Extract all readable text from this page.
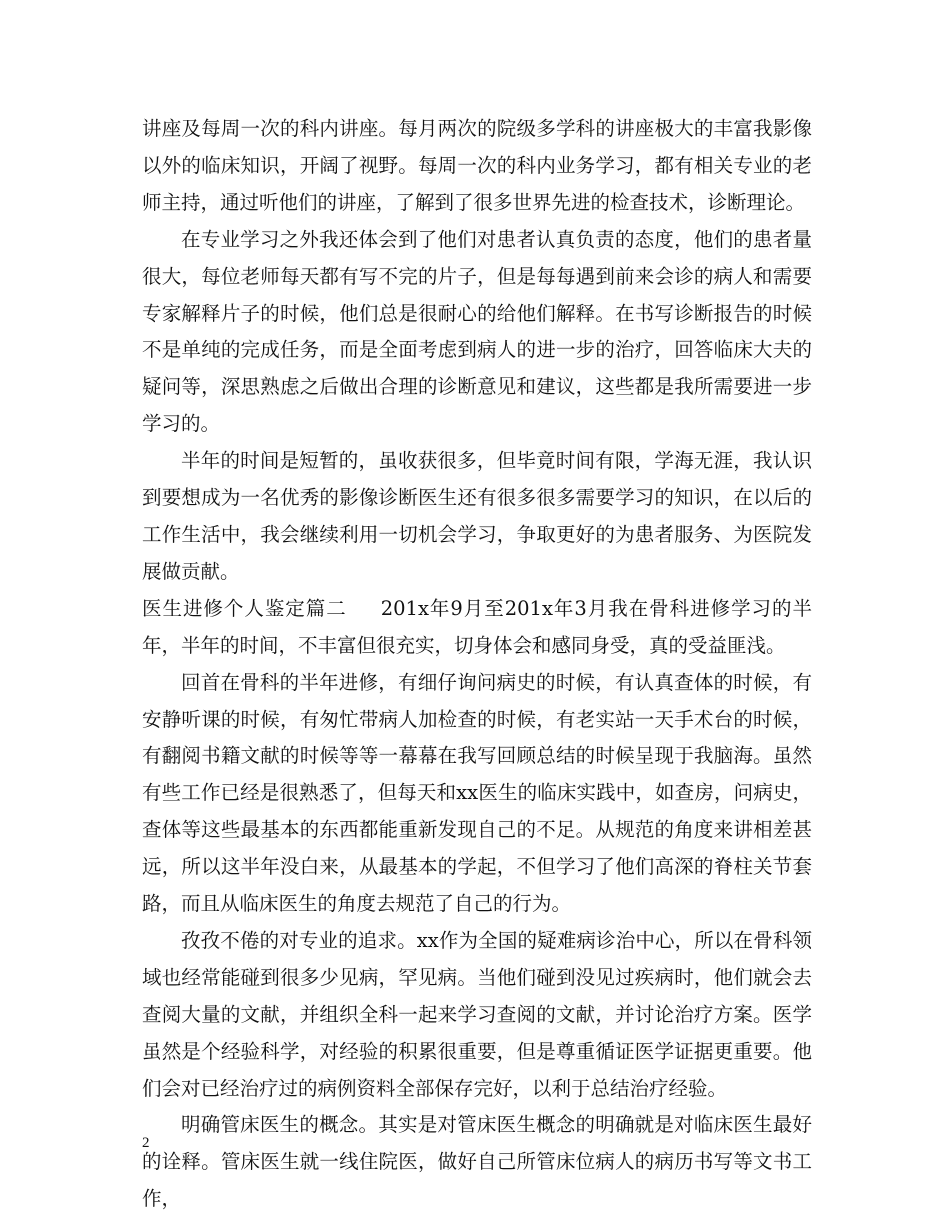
讲座及每周一次的科内讲座。每月两次的院级多学科的讲座极大的丰富我影像以外的临床知识，开阔了视野。每周一次的科内业务学习，都有相关专业的老师主持，通过听他们的讲座，了解到了很多世界先进的检查技术，诊断理论。

在专业学习之外我还体会到了他们对患者认真负责的态度，他们的患者量很大，每位老师每天都有写不完的片子，但是每每遇到前来会诊的病人和需要专家解释片子的时候，他们总是很耐心的给他们解释。在书写诊断报告的时候不是单纯的完成任务，而是全面考虑到病人的进一步的治疗，回答临床大夫的疑问等，深思熟虑之后做出合理的诊断意见和建议，这些都是我所需要进一步学习的。

半年的时间是短暂的，虽收获很多，但毕竟时间有限，学海无涯，我认识到要想成为一名优秀的影像诊断医生还有很多很多需要学习的知识，在以后的工作生活中，我会继续利用一切机会学习，争取更好的为患者服务、为医院发展做贡献。

医生进修个人鉴定篇二 201x年9月至201x年3月我在骨科进修学习的半年，半年的时间，不丰富但很充实，切身体会和感同身受，真的受益匪浅。

回首在骨科的半年进修，有细仔询问病史的时候，有认真查体的时候，有安静听课的时候，有匆忙带病人加检查的时候，有老实站一天手术台的时候，有翻阅书籍文献的时候等等一幕幕在我写回顾总结的时候呈现于我脑海。虽然有些工作已经是很熟悉了，但每天和xx医生的临床实践中，如查房，问病史，查体等这些最基本的东西都能重新发现自己的不足。从规范的角度来讲相差甚远，所以这半年没白来，从最基本的学起，不但学习了他们高深的脊柱关节套路，而且从临床医生的角度去规范了自己的行为。

孜孜不倦的对专业的追求。xx作为全国的疑难病诊治中心，所以在骨科领域也经常能碰到很多少见病，罕见病。当他们碰到没见过疾病时，他们就会去查阅大量的文献，并组织全科一起来学习查阅的文献，并讨论治疗方案。医学虽然是个经验科学，对经验的积累很重要，但是尊重循证医学证据更重要。他们会对已经治疗过的病例资料全部保存完好，以利于总结治疗经验。

明确管床医生的概念。其实是对管床医生概念的明确就是对临床医生最好的诠释。管床医生就一线住院医，做好自己所管床位病人的病历书写等文书工作，

2
